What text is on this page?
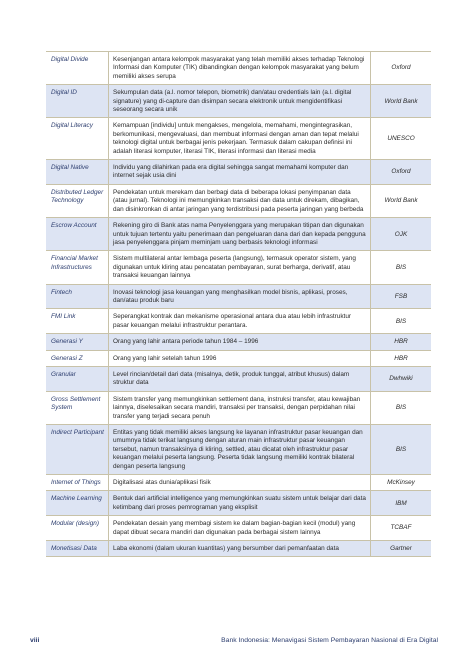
Digital Divide	Kesenjangan antara kelompok masyarakat yang telah memiliki akses terhadap Teknologi Informasi dan Komputer (TIK) dibandingkan dengan kelompok masyarakat yang belum memiliki akses serupa	Oxford
Digital ID	Sekumpulan data (a.l. nomor telepon, biometrik) dan/atau credentials lain (a.l. digital signature) yang di-capture dan disimpan secara elektronik untuk mengidentifikasi seseorang secara unik	World Bank
Digital Literacy	Kemampuan [individu] untuk mengakses, mengelola, memahami, mengintegrasikan, berkomunikasi, mengevaluasi, dan membuat informasi dengan aman dan tepat melalui teknologi digital untuk berbagai jenis pekerjaan. Termasuk dalam cakupan definisi ini adalah literasi komputer, literasi TIK, literasi informasi dan literasi media	UNESCO
Digital Native	Individu yang dilahirkan pada era digital sehingga sangat memahami komputer dan internet sejak usia dini	Oxford
Distributed Ledger Technology	Pendekatan untuk merekam dan berbagi data di beberapa lokasi penyimpanan data (atau jurnal). Teknologi ini memungkinkan transaksi dan data untuk direkam, dibagikan, dan disinkronkan di antar jaringan yang terdistribusi pada peserta jaringan yang berbeda	World Bank
Escrow Account	Rekening giro di Bank atas nama Penyelenggara yang merupakan titipan dan digunakan untuk tujuan tertentu yaitu penerimaan dan pengeluaran dana dari dan kepada pengguna jasa penyelenggara pinjam meminjam uang berbasis teknologi informasi	OJK
Financial Market Infrastructures	Sistem multilateral antar lembaga peserta (langsung), termasuk operator sistem, yang digunakan untuk kliring atau pencatatan pembayaran, surat berharga, derivatif, atau transaksi keuangan lainnya	BIS
Fintech	Inovasi teknologi jasa keuangan yang menghasilkan model bisnis, aplikasi, proses, dan/atau produk baru	FSB
FMI Link	Seperangkat kontrak dan mekanisme operasional antara dua atau lebih infrastruktur pasar keuangan melalui infrastruktur perantara.	BIS
Generasi Y	Orang yang lahir antara periode tahun 1984 – 1996	HBR
Generasi Z	Orang yang lahir setelah tahun 1996	HBR
Granular	Level rincian/detail dari data (misalnya, detik, produk tunggal, atribut khusus) dalam struktur data	Dwhwiki
Gross Settlement System	Sistem transfer yang memungkinkan settlement dana, instruksi transfer, atau kewajiban lainnya, diselesaikan secara mandiri, transaksi per transaksi, dengan perpidahan nilai transfer yang terjadi secara penuh	BIS
Indirect Participant	Entitas yang tidak memiliki akses langsung ke layanan infrastruktur pasar keuangan dan umumnya tidak terikat langsung dengan aturan main infrastruktur pasar keuangan tersebut, namun transaksinya di kliring, settled, atau dicatat oleh infrastruktur pasar keuangan melalui peserta langsung. Peserta tidak langsung memiliki kontrak bilateral dengan peserta langsung	BIS
Internet of Things	Digitalisasi atas dunia/aplikasi fisik	McKinsey
Machine Learning	Bentuk dari artificial intelligence yang memungkinkan suatu sistem untuk belajar dari data ketimbang dari proses pemrograman yang eksplisit	IBM
Modular (design)	Pendekatan desain yang membagi sistem ke dalam bagian-bagian kecil (modul) yang dapat dibuat secara mandiri dan digunakan pada berbagai sistem lainnya	TCBAF
Monetisasi Data	Laba ekonomi (dalam ukuran kuantitas) yang bersumber dari pemanfaatan data	Gartner
viii	Bank Indonesia: Menavigasi Sistem Pembayaran Nasional di Era Digital
